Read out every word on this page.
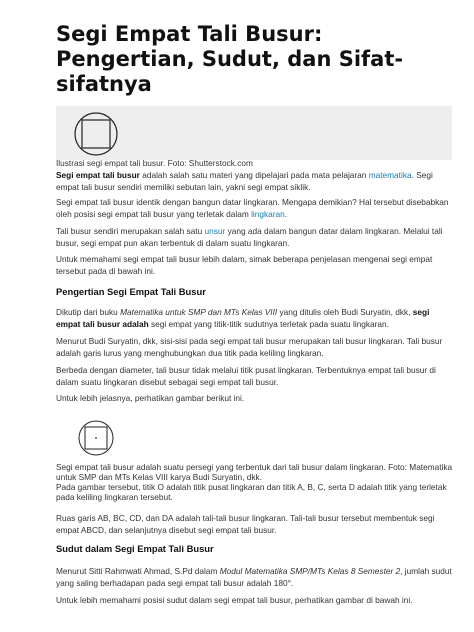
Segi Empat Tali Busur: Pengertian, Sudut, dan Sifat-sifatnya

Ilustrasi segi empat tali busur. Foto: Shutterstock.com

Segi empat tali busur adalah salah satu materi yang dipelajari pada mata pelajaran matematika. Segi empat tali busur sendiri memiliki sebutan lain, yakni segi empat siklik.

Segi empat tali busur identik dengan bangun datar lingkaran. Mengapa demikian? Hal tersebut disebabkan oleh posisi segi empat tali busur yang terletak dalam lingkaran.

Tali busur sendiri merupakan salah satu unsur yang ada dalam bangun datar dalam lingkaran. Melalui tali busur, segi empat pun akan terbentuk di dalam suatu lingkaran.

Untuk memahami segi empat tali busur lebih dalam, simak beberapa penjelasan mengenai segi empat tersebut pada di bawah ini.

Pengertian Segi Empat Tali Busur

Dikutip dari buku Matematika untuk SMP dan MTs Kelas VIII yang ditulis oleh Budi Suryatin, dkk, segi empat tali busur adalah segi empat yang titik-titik sudutnya terletak pada suatu lingkaran.

Menurut Budi Suryatin, dkk, sisi-sisi pada segi empat tali busur merupakan tali busur lingkaran. Tali busur adalah garis lurus yang menghubungkan dua titik pada keliling lingkaran.

Berbeda dengan diameter, tali busur tidak melalui titik pusat lingkaran. Terbentuknya empat tali busur di dalam suatu lingkaran disebut sebagai segi empat tali busur.

Untuk lebih jelasnya, perhatikan gambar berikut ini.

Segi empat tali busur adalah suatu persegi yang terbentuk dari tali busur dalam lingkaran. Foto: Matematika untuk SMP dan MTs Kelas VIII karya Budi Suryatin, dkk.
Pada gambar tersebut, titik O adalah titik pusat lingkaran dan titik A, B, C, serta D adalah titik yang terletak pada keliling lingkaran tersebut.

Ruas garis AB, BC, CD, dan DA adalah tali-tali busur lingkaran. Tali-tali busur tersebut membentuk segi empat ABCD, dan selanjutnya disebut segi empat tali busur.

Sudut dalam Segi Empat Tali Busur

Menurut Sitti Rahmwati Ahmad, S.Pd dalam Modul Matematika SMP/MTs Kelas 8 Semester 2, jumlah sudut yang saling berhadapan pada segi empat tali busur adalah 180°.

Untuk lebih memahami posisi sudut dalam segi empat tali busur, perhatikan gambar di bawah ini.
